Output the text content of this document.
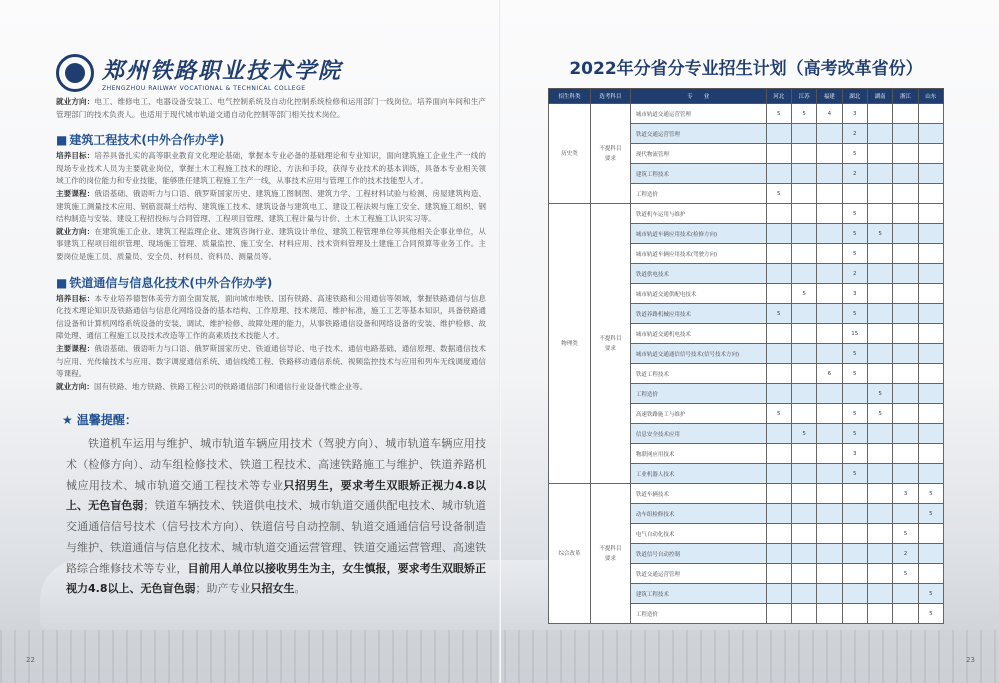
郑州铁路职业技术学院
ZHENGZHOU RAILWAY VOCATIONAL & TECHNICAL COLLEGE

就业方向：电工、维修电工、电器设备安装工、电气控制系统及自动化控制系统检修和运用部门一线岗位。培养面向车间和生产管理部门的技术负责人。也适用于现代城市轨道交通自动化控制等部门相关技术岗位。

■ 建筑工程技术(中外合作办学)

培养目标：培养具备扎实的高等职业教育文化理论基础，掌握本专业必备的基础理论和专业知识，面向建筑施工企业生产一线的现场专业技术人员为主要就业岗位，掌握土木工程施工技术的理论、方法和手段，获得专业技术的基本训练，具备本专业相关领域工作的岗位能力和专业技能，能够胜任建筑工程施工生产一线，从事技术应用与管理工作的技术技能型人才。

主要课程：俄语基础、俄语听力与口语、俄罗斯国家历史、建筑施工图制图、建筑力学、工程材料试验与检测、房屋建筑构造、建筑施工测量技术应用、钢筋混凝土结构、建筑施工技术、建筑设备与建筑电工、建设工程法规与施工安全、建筑施工组织、钢结构制造与安装、建设工程招投标与合同管理、工程项目管理、建筑工程计量与计价、土木工程施工认识实习等。

就业方向：在建筑施工企业、建筑工程监理企业、建筑咨询行业、建筑设计单位、建筑工程管理单位等其他相关企事业单位，从事建筑工程项目组织管理、现场施工管理、质量监控、施工安全、材料应用、技术资料管理及土建施工合同预算等业务工作。主要岗位是施工员、质量员、安全员、材料员、资料员、测量员等。

■ 铁道通信与信息化技术(中外合作办学)

培养目标：本专业培养德智体美劳方面全面发展，面向城市地铁、国有铁路、高速铁路和公用通信等领域，掌握铁路通信与信息化技术理论知识及铁路通信与信息化网络设备的基本结构、工作原理、技术规范、维护标准，施工工艺等基本知识，具备铁路通信设备和计算机网络系统设备的安装、调试、维护检修、故障处理的能力，从事铁路通信设备和网络设备的安装、维护检修、故障处理、通信工程施工以及技术改造等工作的高素质技术技能人才。

主要课程：俄语基础、俄语听力与口语、俄罗斯国家历史、铁道通信导论、电子技术、通信电路基础、通信原理、数据通信技术与应用、光传输技术与应用、数字调度通信系统、通信线缆工程、铁路移动通信系统、视频监控技术与应用和列车无线调度通信等课程。

就业方向：国有铁路、地方铁路、铁路工程公司的铁路通信部门和通信行业设备代维企业等。

★ 温馨提醒：

铁道机车运用与维护、城市轨道车辆应用技术（驾驶方向）、城市轨道车辆应用技术（检修方向）、动车组检修技术、铁道工程技术、高速铁路施工与维护、铁道养路机械应用技术、城市轨道交通工程技术等专业只招男生，要求考生双眼矫正视力4.8以上、无色盲色弱；铁道车辆技术、铁道供电技术、城市轨道交通供配电技术、城市轨道交通通信信号技术（信号技术方向）、铁道信号自动控制、轨道交通通信信号设备制造与维护、铁道通信与信息化技术、城市轨道交通运营管理、铁道交通运营管理、高速铁路综合维修技术等专业，目前用人单位以接收男生为主，女生慎报，要求考生双眼矫正视力4.8以上、无色盲色弱；助产专业只招女生。

22
2022年分省分专业招生计划（高考改革省份）
招生科类	选考科目	专　　业	河北	江苏	福建	湖北	湖南	浙江	山东
历史类	不提科目要求	城市轨道交通运营管理	5	5	4	3			
		铁道交通运营管理				2			
		现代物流管理				5			
		建筑工程技术				2			
		工程造价	5						
物理类	不提科目要求	铁道机车运用与维护				5			
		城市轨道车辆应用技术(检修方向)				5	5		
		城市轨道车辆应用技术(驾驶方向)				5			
		铁道供电技术				2			
		城市轨道交通供配电技术		5		3			
		铁道养路机械应用技术	5			5			
		城市轨道交通机电技术				15			
		城市轨道交通通信信号技术(信号技术方向)				5			
		铁道工程技术			6	5			
		工程造价					5		
		高速铁路施工与维护	5			5	5		
		信息安全技术应用		5		5			
		物联网应用技术				3			
		工业机器人技术				5			
综合改革	不提科目要求	铁道车辆技术						3	5
		动车组检修技术							5
		电气自动化技术						5	
		铁道信号自动控制						2	
		铁道交通运营管理						5	
		建筑工程技术							5
		工程造价							5
23
